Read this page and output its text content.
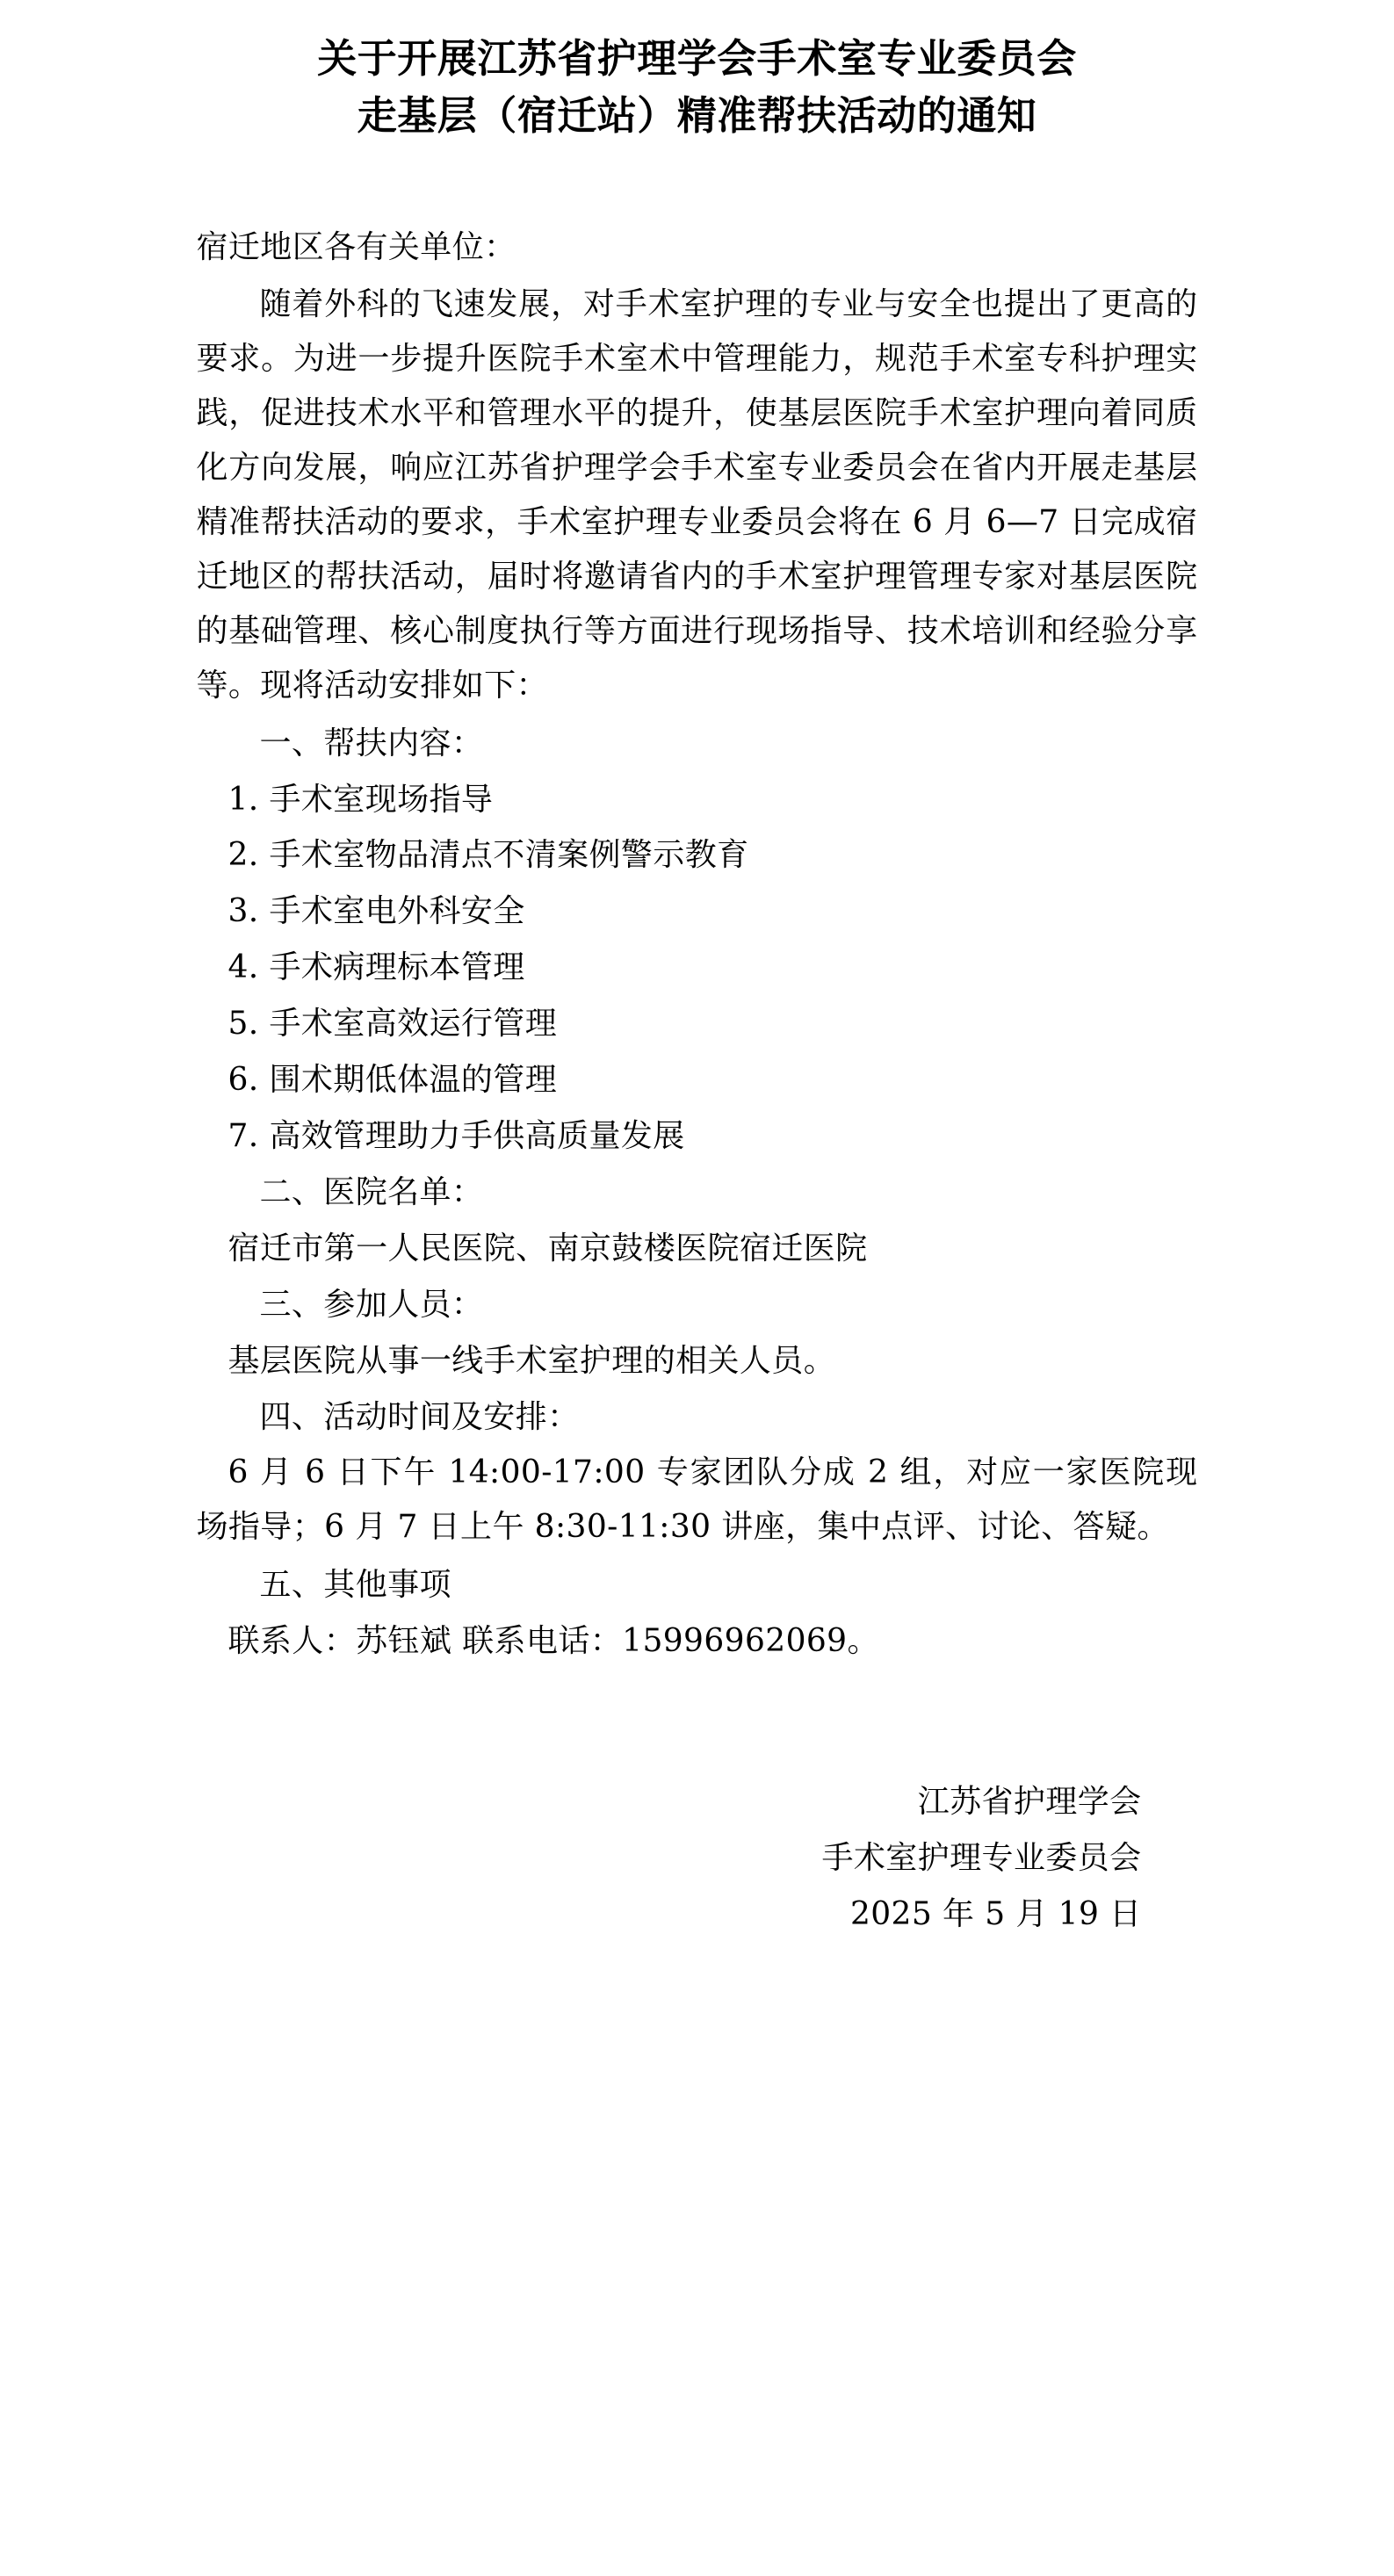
关于开展江苏省护理学会手术室专业委员会
走基层（宿迁站）精准帮扶活动的通知

宿迁地区各有关单位：

随着外科的飞速发展，对手术室护理的专业与安全也提出了更高的要求。为进一步提升医院手术室术中管理能力，规范手术室专科护理实践，促进技术水平和管理水平的提升，使基层医院手术室护理向着同质化方向发展，响应江苏省护理学会手术室专业委员会在省内开展走基层精准帮扶活动的要求，手术室护理专业委员会将在 6 月 6—7 日完成宿迁地区的帮扶活动，届时将邀请省内的手术室护理管理专家对基层医院的基础管理、核心制度执行等方面进行现场指导、技术培训和经验分享等。现将活动安排如下：

一、帮扶内容：

1. 手术室现场指导

2. 手术室物品清点不清案例警示教育

3. 手术室电外科安全

4. 手术病理标本管理

5. 手术室高效运行管理

6. 围术期低体温的管理

7. 高效管理助力手供高质量发展

二、医院名单：

宿迁市第一人民医院、南京鼓楼医院宿迁医院

三、参加人员：

基层医院从事一线手术室护理的相关人员。

四、活动时间及安排：

6 月 6 日下午 14:00-17:00 专家团队分成 2 组，对应一家医院现场指导；6 月 7 日上午 8:30-11:30 讲座，集中点评、讨论、答疑。

五、其他事项

联系人：苏钰斌 联系电话：15996962069。

江苏省护理学会
手术室护理专业委员会
2025 年 5 月 19 日
